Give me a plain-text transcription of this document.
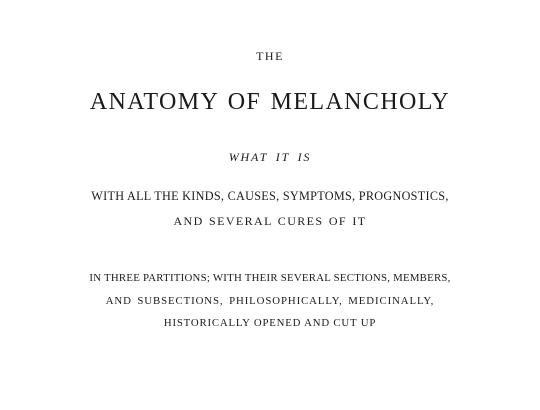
THE
ANATOMY OF MELANCHOLY
WHAT IT IS
WITH ALL THE KINDS, CAUSES, SYMPTOMS, PROGNOSTICS,
AND SEVERAL CURES OF IT
IN THREE PARTITIONS; WITH THEIR SEVERAL SECTIONS, MEMBERS,
AND SUBSECTIONS, PHILOSOPHICALLY, MEDICINALLY,
HISTORICALLY OPENED AND CUT UP
